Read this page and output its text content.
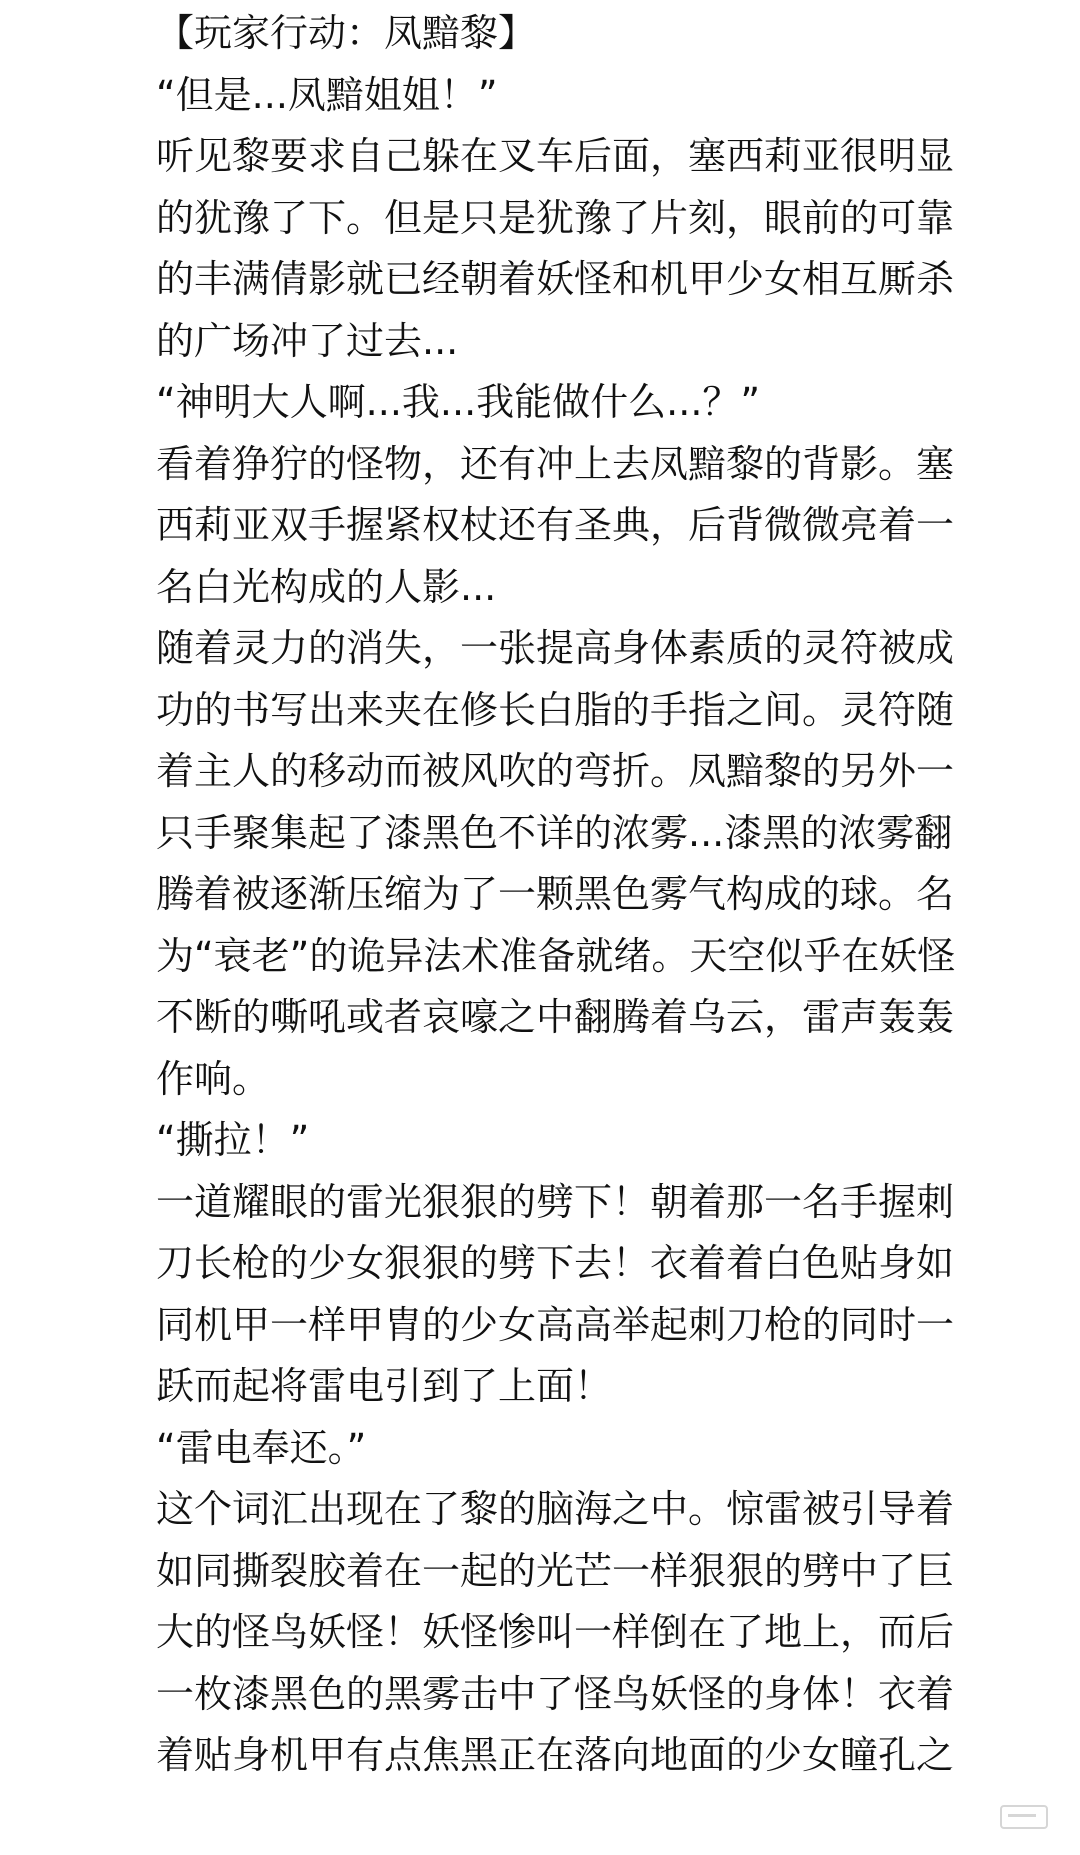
【玩家行动：凤黯黎】
“但是...凤黯姐姐！”
听见黎要求自己躲在叉车后面，塞西莉亚很明显
的犹豫了下。但是只是犹豫了片刻，眼前的可靠
的丰满倩影就已经朝着妖怪和机甲少女相互厮杀
的广场冲了过去...
“神明大人啊...我...我能做什么...？”
看着狰狞的怪物，还有冲上去凤黯黎的背影。塞
西莉亚双手握紧权杖还有圣典，后背微微亮着一
名白光构成的人影...
随着灵力的消失，一张提高身体素质的灵符被成
功的书写出来夹在修长白脂的手指之间。灵符随
着主人的移动而被风吹的弯折。凤黯黎的另外一
只手聚集起了漆黑色不详的浓雾...漆黑的浓雾翻
腾着被逐渐压缩为了一颗黑色雾气构成的球。名
为“衰老”的诡异法术准备就绪。天空似乎在妖怪
不断的嘶吼或者哀嚎之中翻腾着乌云，雷声轰轰
作响。
“撕拉！”
一道耀眼的雷光狠狠的劈下！朝着那一名手握刺
刀长枪的少女狠狠的劈下去！衣着着白色贴身如
同机甲一样甲胄的少女高高举起刺刀枪的同时一
跃而起将雷电引到了上面！
“雷电奉还。”
这个词汇出现在了黎的脑海之中。惊雷被引导着
如同撕裂胶着在一起的光芒一样狠狠的劈中了巨
大的怪鸟妖怪！妖怪惨叫一样倒在了地上，而后
一枚漆黑色的黑雾击中了怪鸟妖怪的身体！衣着
着贴身机甲有点焦黑正在落向地面的少女瞳孔之
